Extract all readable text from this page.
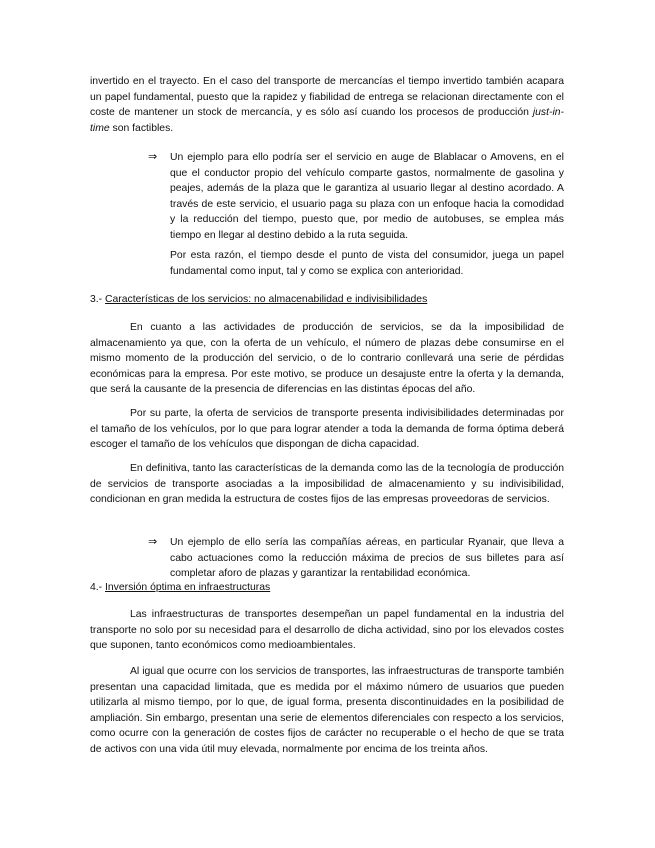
invertido en el trayecto. En el caso del transporte de mercancías el tiempo invertido también acapara un papel fundamental, puesto que la rapidez y fiabilidad de entrega se relacionan directamente con el coste de mantener un stock de mercancía, y es sólo así cuando los procesos de producción just-in-time son factibles.

⇒ Un ejemplo para ello podría ser el servicio en auge de Blablacar o Amovens, en el que el conductor propio del vehículo comparte gastos, normalmente de gasolina y peajes, además de la plaza que le garantiza al usuario llegar al destino acordado. A través de este servicio, el usuario paga su plaza con un enfoque hacia la comodidad y la reducción del tiempo, puesto que, por medio de autobuses, se emplea más tiempo en llegar al destino debido a la ruta seguida.

Por esta razón, el tiempo desde el punto de vista del consumidor, juega un papel fundamental como input, tal y como se explica con anterioridad.

3.- Características de los servicios: no almacenabilidad e indivisibilidades

En cuanto a las actividades de producción de servicios, se da la imposibilidad de almacenamiento ya que, con la oferta de un vehículo, el número de plazas debe consumirse en el mismo momento de la producción del servicio, o de lo contrario conllevará una serie de pérdidas económicas para la empresa. Por este motivo, se produce un desajuste entre la oferta y la demanda, que será la causante de la presencia de diferencias en las distintas épocas del año.

Por su parte, la oferta de servicios de transporte presenta indivisibilidades determinadas por el tamaño de los vehículos, por lo que para lograr atender a toda la demanda de forma óptima deberá escoger el tamaño de los vehículos que dispongan de dicha capacidad.

En definitiva, tanto las características de la demanda como las de la tecnología de producción de servicios de transporte asociadas a la imposibilidad de almacenamiento y su indivisibilidad, condicionan en gran medida la estructura de costes fijos de las empresas proveedoras de servicios.

⇒ Un ejemplo de ello sería las compañías aéreas, en particular Ryanair, que lleva a cabo actuaciones como la reducción máxima de precios de sus billetes para así completar aforo de plazas y garantizar la rentabilidad económica.

4.- Inversión óptima en infraestructuras

Las infraestructuras de transportes desempeñan un papel fundamental en la industria del transporte no solo por su necesidad para el desarrollo de dicha actividad, sino por los elevados costes que suponen, tanto económicos como medioambientales.

Al igual que ocurre con los servicios de transportes, las infraestructuras de transporte también presentan una capacidad limitada, que es medida por el máximo número de usuarios que pueden utilizarla al mismo tiempo, por lo que, de igual forma, presenta discontinuidades en la posibilidad de ampliación. Sin embargo, presentan una serie de elementos diferenciales con respecto a los servicios, como ocurre con la generación de costes fijos de carácter no recuperable o el hecho de que se trata de activos con una vida útil muy elevada, normalmente por encima de los treinta años.
